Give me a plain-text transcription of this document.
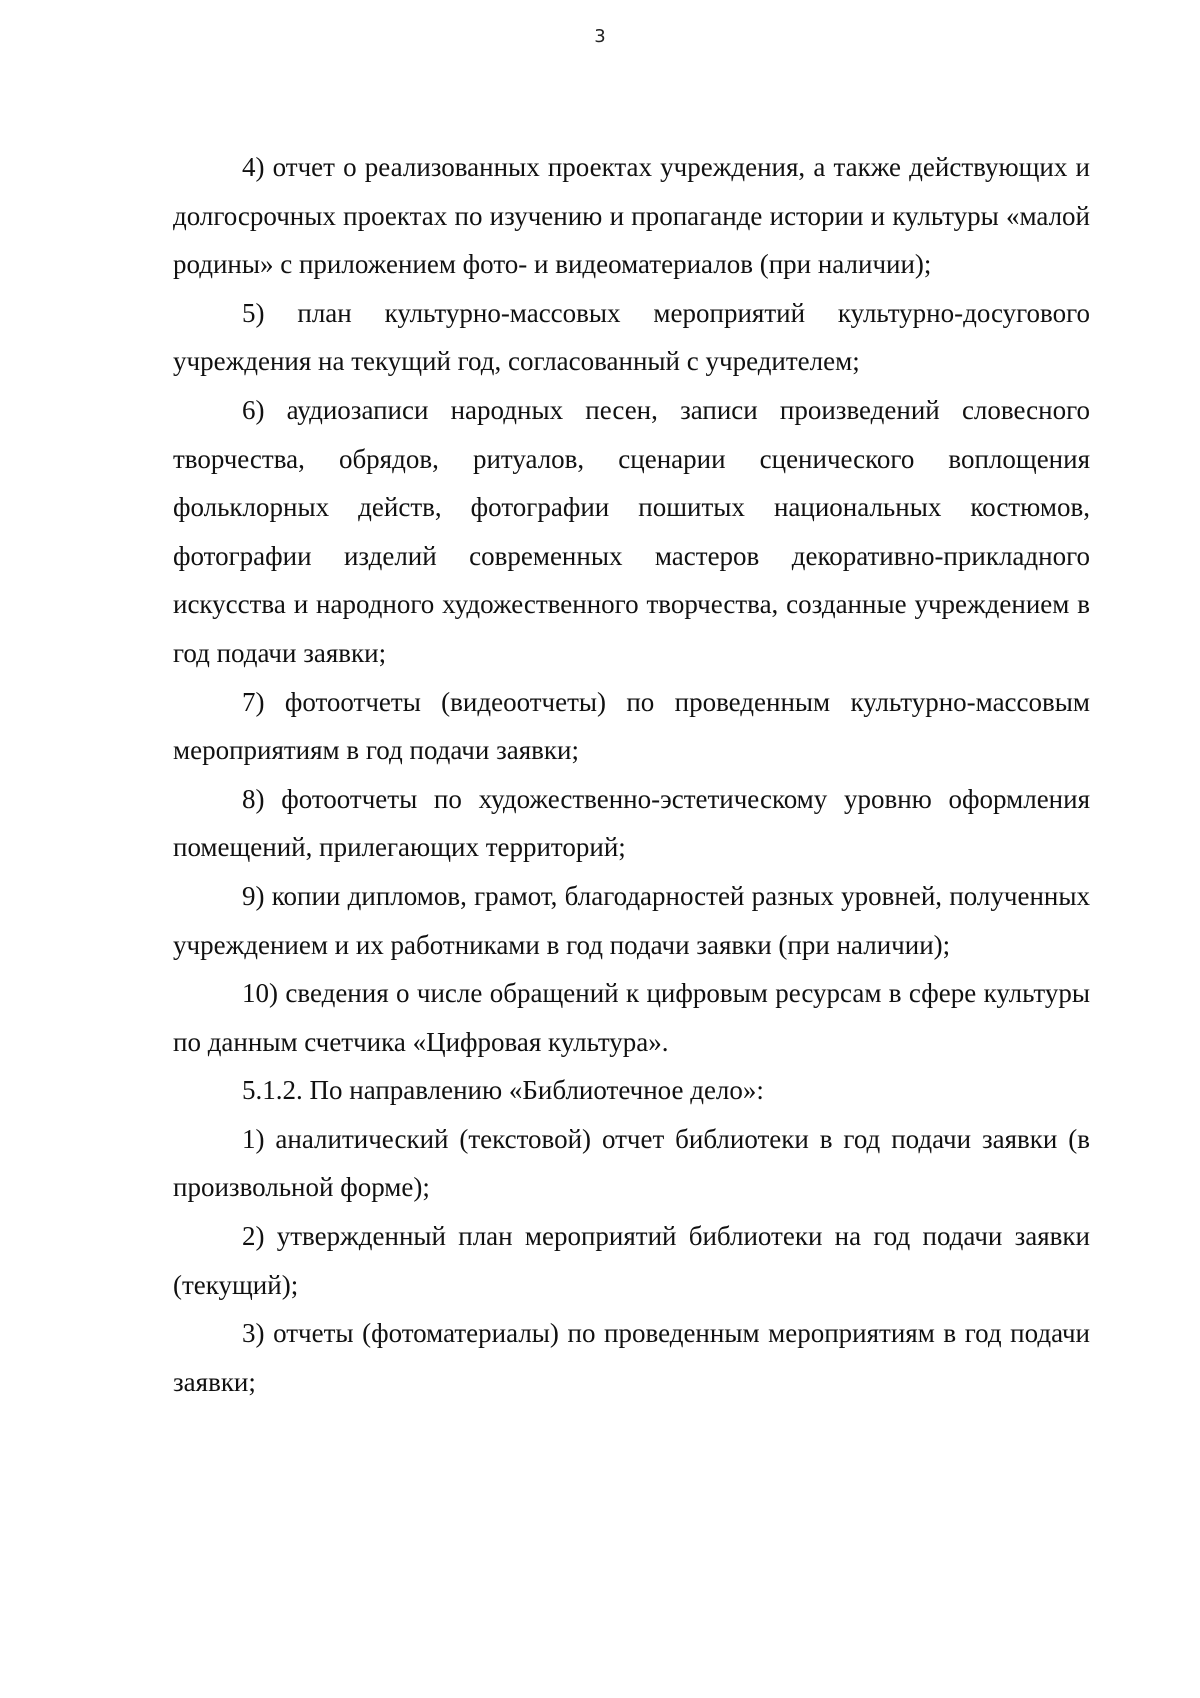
3

4) отчет о реализованных проектах учреждения, а также действующих и долгосрочных проектах по изучению и пропаганде истории и культуры «малой родины» с приложением фото- и видеоматериалов (при наличии);

5) план культурно-массовых мероприятий культурно-досугового учреждения на текущий год, согласованный с учредителем;

6) аудиозаписи народных песен, записи произведений словесного творчества, обрядов, ритуалов, сценарии сценического воплощения фольклорных действ, фотографии пошитых национальных костюмов, фотографии изделий современных мастеров декоративно-прикладного искусства и народного художественного творчества, созданные учреждением в год подачи заявки;

7) фотоотчеты (видеоотчеты) по проведенным культурно-массовым мероприятиям в год подачи заявки;

8) фотоотчеты по художественно-эстетическому уровню оформления помещений, прилегающих территорий;

9) копии дипломов, грамот, благодарностей разных уровней, полученных учреждением и их работниками в год подачи заявки (при наличии);

10) сведения о числе обращений к цифровым ресурсам в сфере культуры по данным счетчика «Цифровая культура».

5.1.2. По направлению «Библиотечное дело»:

1) аналитический (текстовой) отчет библиотеки в год подачи заявки (в произвольной форме);

2) утвержденный план мероприятий библиотеки на год подачи заявки (текущий);

3) отчеты (фотоматериалы) по проведенным мероприятиям в год подачи заявки;
